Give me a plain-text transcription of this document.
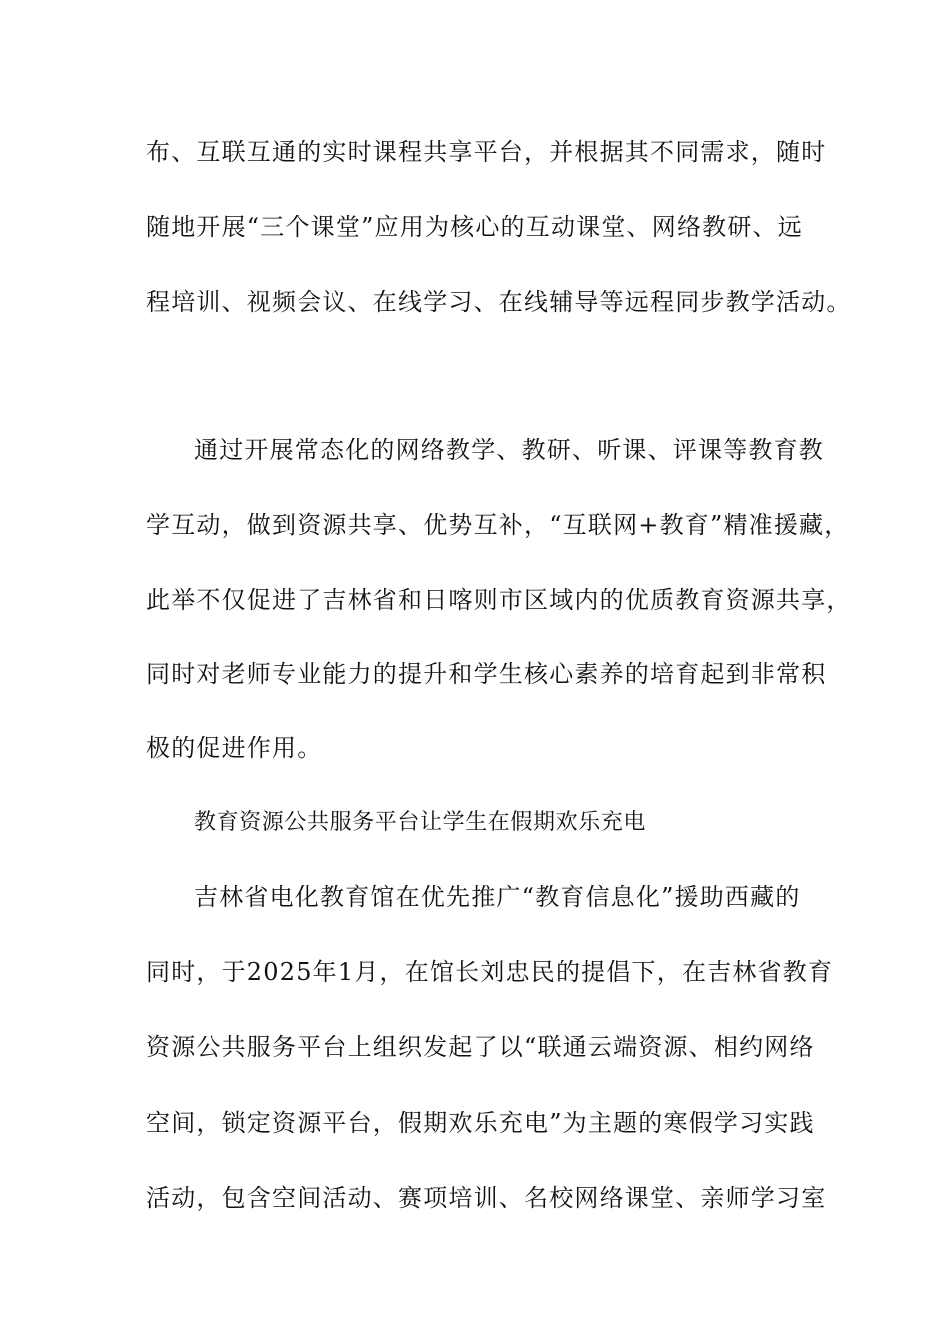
布、互联互通的实时课程共享平台，并根据其不同需求，随时
随地开展“三个课堂”应用为核心的互动课堂、网络教研、远
程培训、视频会议、在线学习、在线辅导等远程同步教学活动。
通过开展常态化的网络教学、教研、听课、评课等教育教
学互动，做到资源共享、优势互补，“互联网+教育”精准援藏，
此举不仅促进了吉林省和日喀则市区域内的优质教育资源共享，
同时对老师专业能力的提升和学生核心素养的培育起到非常积
极的促进作用。
教育资源公共服务平台让学生在假期欢乐充电
吉林省电化教育馆在优先推广“教育信息化”援助西藏的
同时，于2025年1月，在馆长刘忠民的提倡下，在吉林省教育
资源公共服务平台上组织发起了以“联通云端资源、相约网络
空间，锁定资源平台，假期欢乐充电”为主题的寒假学习实践
活动，包含空间活动、赛项培训、名校网络课堂、亲师学习室
